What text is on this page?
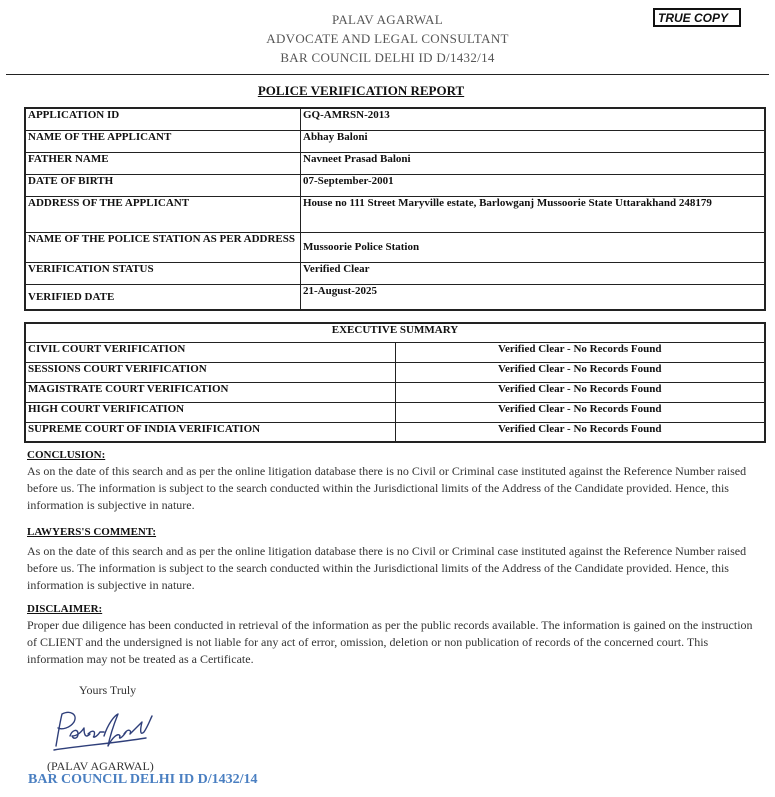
PALAV AGARWAL
ADVOCATE AND LEGAL CONSULTANT
BAR COUNCIL DELHI ID D/1432/14
TRUE COPY
POLICE VERIFICATION REPORT
APPLICATION ID	GQ-AMRSN-2013
NAME OF THE APPLICANT	Abhay Baloni
FATHER NAME	Navneet Prasad Baloni
DATE OF BIRTH	07-September-2001
ADDRESS OF THE APPLICANT	House no 111 Street Maryville estate, Barlowganj Mussoorie State Uttarakhand 248179
NAME OF THE POLICE STATION AS PER ADDRESS	Mussoorie Police Station
VERIFICATION STATUS	Verified Clear
VERIFIED DATE	21-August-2025
EXECUTIVE SUMMARY	
CIVIL COURT VERIFICATION	Verified Clear - No Records Found
SESSIONS COURT VERIFICATION	Verified Clear - No Records Found
MAGISTRATE COURT VERIFICATION	Verified Clear - No Records Found
HIGH COURT VERIFICATION	Verified Clear - No Records Found
SUPREME COURT OF INDIA VERIFICATION	Verified Clear - No Records Found
CONCLUSION:
As on the date of this search and as per the online litigation database there is no Civil or Criminal case instituted against the Reference Number raised before us. The information is subject to the search conducted within the Jurisdictional limits of the Address of the Candidate provided. Hence, this information is subjective in nature.
LAWYERS'S COMMENT:
As on the date of this search and as per the online litigation database there is no Civil or Criminal case instituted against the Reference Number raised before us. The information is subject to the search conducted within the Jurisdictional limits of the Address of the Candidate provided. Hence, this information is subjective in nature.
DISCLAIMER:
Proper due diligence has been conducted in retrieval of the information as per the public records available. The information is gained on the instruction of CLIENT and the undersigned is not liable for any act of error, omission, deletion or non publication of records of the concerned court. This information may not be treated as a Certificate.
Yours Truly
(PALAV AGARWAL)
BAR COUNCIL DELHI ID D/1432/14
